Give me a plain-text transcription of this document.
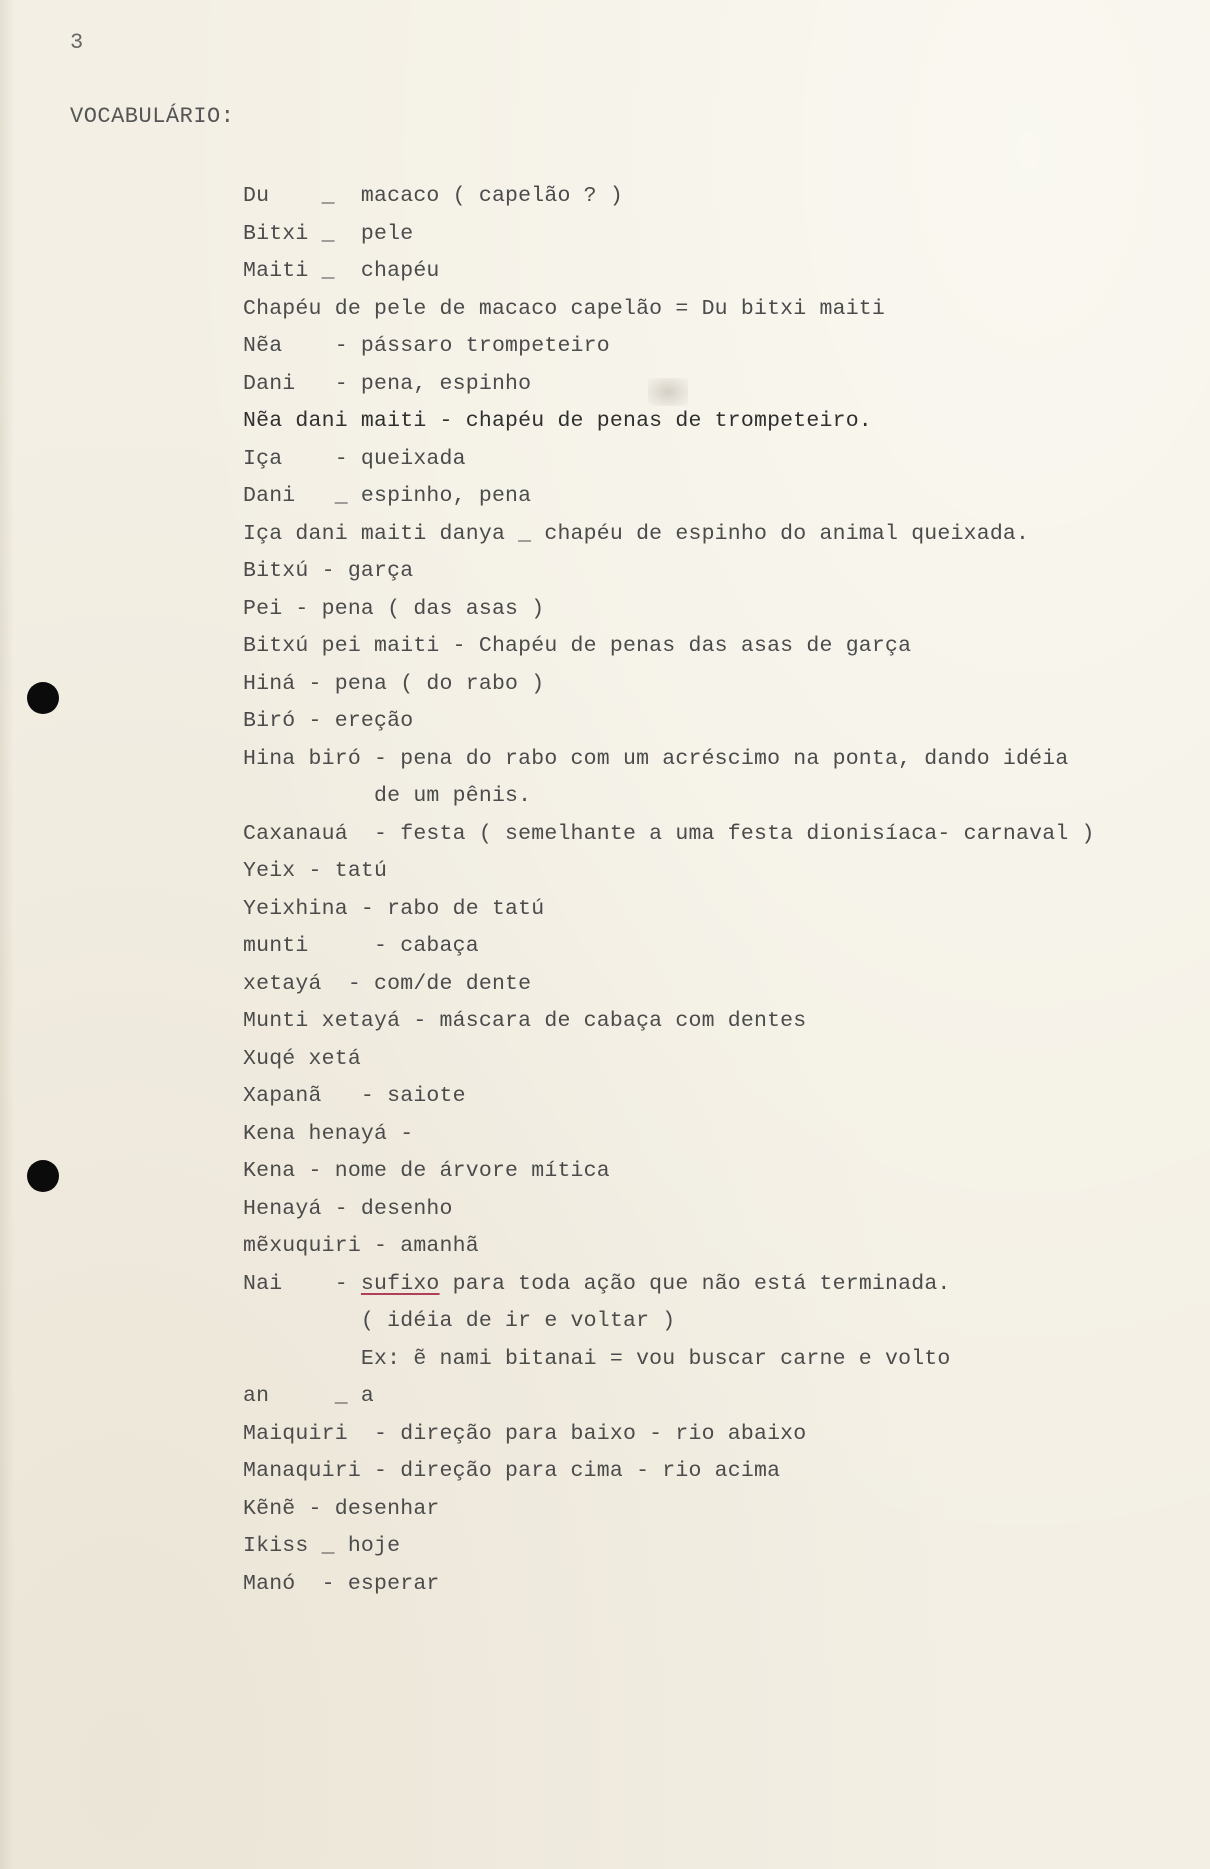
3
VOCABULÁRIO:
Du    _  macaco ( capelão ? )
Bitxi _  pele
Maiti _  chapéu
Chapéu de pele de macaco capelão = Du bitxi maiti
Nẽa    - pássaro trompeteiro
Dani   - pena, espinho
Nẽa dani maiti - chapéu de penas de trompeteiro.
Iça    - queixada
Dani   _ espinho, pena
Iça dani maiti danya _ chapéu de espinho do animal queixada.
Bitxú - garça
Pei - pena ( das asas )
Bitxú pei maiti - Chapéu de penas das asas de garça
Hiná - pena ( do rabo )
Biró - ereção
Hina biró - pena do rabo com um acréscimo na ponta, dando idéia
de um pênis.
Caxanauá  - festa ( semelhante a uma festa dionisíaca- carnaval )
Yeix - tatú
Yeixhina - rabo de tatú
munti     - cabaça
xetayá  - com/de dente
Munti xetayá - máscara de cabaça com dentes
Xuqé xetá
Xapanã   - saiote
Kena henayá -
Kena - nome de árvore mítica
Henayá - desenho
mẽxuquiri - amanhã
Nai    - sufixo para toda ação que não está terminada.
( idéia de ir e voltar )
Ex: ẽ nami bitanai = vou buscar carne e volto
an     _ a
Maiquiri  - direção para baixo - rio abaixo
Manaquiri - direção para cima - rio acima
Kẽnẽ - desenhar
Ikiss _ hoje
Manó  - esperar
